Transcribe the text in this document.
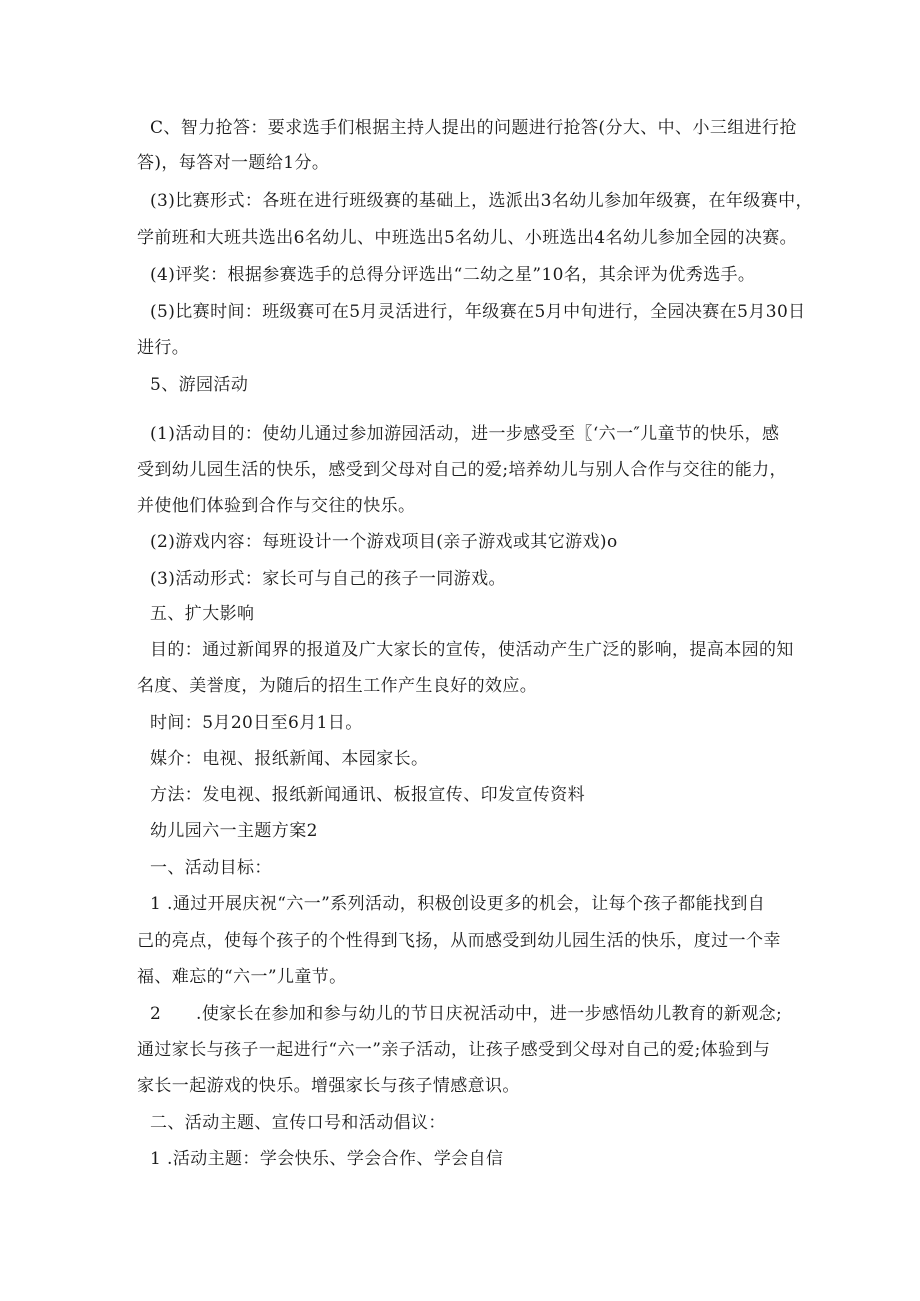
C、智力抢答：要求选手们根据主持人提出的问题进行抢答(分大、中、小三组进行抢
答)，每答对一题给1分。
(3)比赛形式：各班在进行班级赛的基础上，选派出3名幼儿参加年级赛，在年级赛中，
学前班和大班共选出6名幼儿、中班选出5名幼儿、小班选出4名幼儿参加全园的决赛。
(4)评奖：根据参赛选手的总得分评选出“二幼之星”10名，其余评为优秀选手。
(5)比赛时间：班级赛可在5月灵活进行，年级赛在5月中旬进行，全园决赛在5月30日
进行。
5、游园活动
(1)活动目的：使幼儿通过参加游园活动，进一步感受至〖‘六一″儿童节的快乐，感
受到幼儿园生活的快乐，感受到父母对自己的爱;培养幼儿与别人合作与交往的能力，
并使他们体验到合作与交往的快乐。
(2)游戏内容：每班设计一个游戏项目(亲子游戏或其它游戏)o
(3)活动形式：家长可与自己的孩子一同游戏。
五、扩大影响
目的：通过新闻界的报道及广大家长的宣传，使活动产生广泛的影响，提高本园的知
名度、美誉度，为随后的招生工作产生良好的效应。
时间：5月20日至6月1日。
媒介：电视、报纸新闻、本园家长。
方法：发电视、报纸新闻通讯、板报宣传、印发宣传资料
幼儿园六一主题方案2
一、活动目标：
1 .通过开展庆祝“六一”系列活动，积极创设更多的机会，让每个孩子都能找到自
己的亮点，使每个孩子的个性得到飞扬，从而感受到幼儿园生活的快乐，度过一个幸
福、难忘的“六一”儿童节。
2      .使家长在参加和参与幼儿的节日庆祝活动中，进一步感悟幼儿教育的新观念;
通过家长与孩子一起进行“六一”亲子活动，让孩子感受到父母对自己的爱;体验到与
家长一起游戏的快乐。增强家长与孩子情感意识。
二、活动主题、宣传口号和活动倡议：
1 .活动主题：学会快乐、学会合作、学会自信
